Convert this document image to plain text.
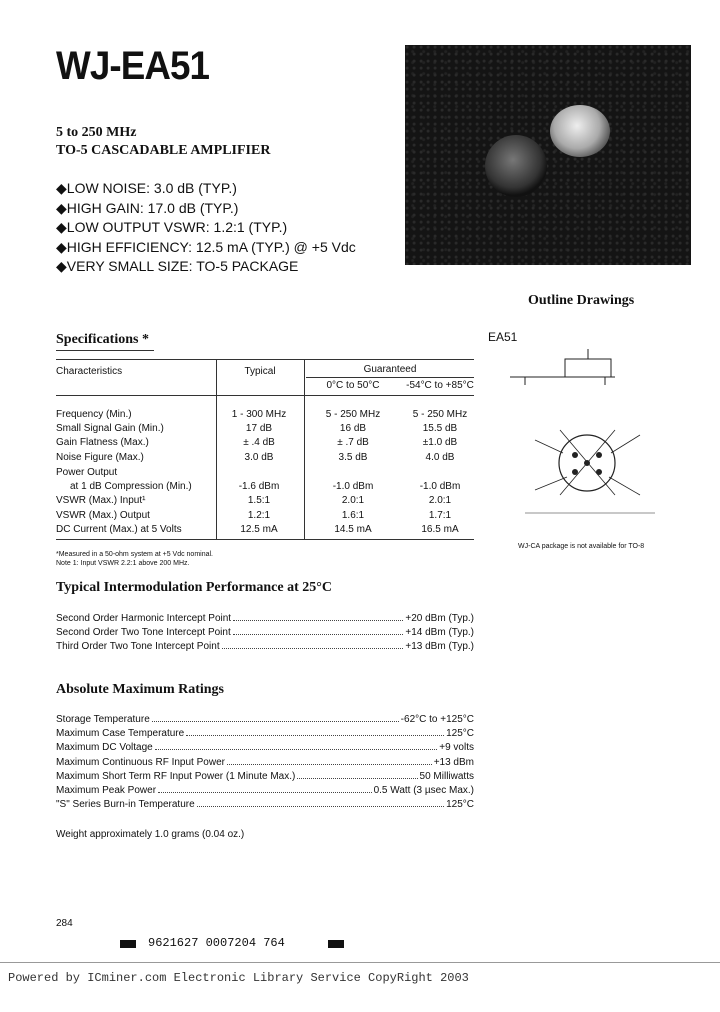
WJ-EA51
5 to 250 MHz
TO-5 CASCADABLE AMPLIFIER
◆LOW NOISE: 3.0 dB (TYP.)
◆HIGH GAIN: 17.0 dB (TYP.)
◆LOW OUTPUT VSWR: 1.2:1 (TYP.)
◆HIGH EFFICIENCY: 12.5 mA (TYP.) @ +5 Vdc
◆VERY SMALL SIZE: TO-5 PACKAGE
Outline Drawings
EA51
WJ-CA package is not available for TO-8
Specifications *
Characteristics	Typical	Guaranteed
0°C to 50°C	-54°C to +85°C
Frequency (Min.)	1 - 300 MHz	5 - 250 MHz	5 - 250 MHz
Small Signal Gain (Min.)	17 dB	16 dB	15.5 dB
Gain Flatness (Max.)	± .4 dB	± .7 dB	±1.0 dB
Noise Figure (Max.)	3.0 dB	3.5 dB	4.0 dB
Power Output
at 1 dB Compression (Min.)	-1.6 dBm	-1.0 dBm	-1.0 dBm
VSWR (Max.) Input¹	1.5:1	2.0:1	2.0:1
VSWR (Max.) Output	1.2:1	1.6:1	1.7:1
DC Current (Max.) at 5 Volts	12.5 mA	14.5 mA	16.5 mA
*Measured in a 50-ohm system at +5 Vdc nominal.
Note 1: Input VSWR 2.2:1 above 200 MHz.
Typical Intermodulation Performance at 25°C
Second Order Harmonic Intercept Point	+20 dBm (Typ.)
Second Order Two Tone Intercept Point	+14 dBm (Typ.)
Third Order Two Tone Intercept Point	+13 dBm (Typ.)
Absolute Maximum Ratings
Storage Temperature	-62°C to +125°C
Maximum Case Temperature	125°C
Maximum DC Voltage	+9 volts
Maximum Continuous RF Input Power	+13 dBm
Maximum Short Term RF Input Power (1 Minute Max.)	50 Milliwatts
Maximum Peak Power	0.5 Watt (3 µsec Max.)
"S" Series Burn-in Temperature	125°C
Weight approximately 1.0 grams (0.04 oz.)
284
9621627 0007204 764
Powered by ICminer.com Electronic Library Service CopyRight 2003
